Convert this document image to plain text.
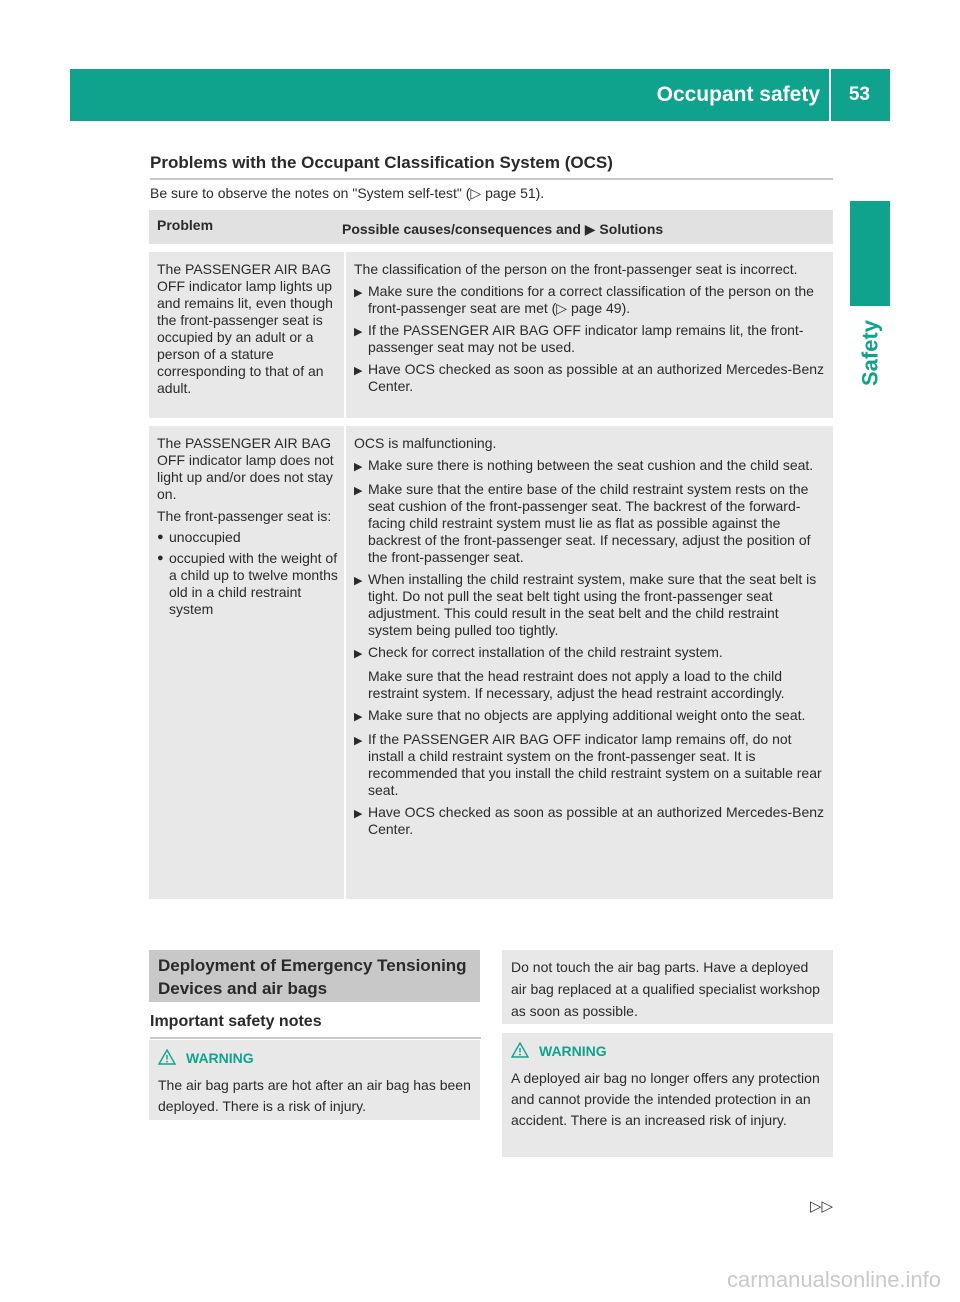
Occupant safety 53
Safety
Problems with the Occupant Classification System (OCS)
Be sure to observe the notes on "System self-test" (▷ page 51).
Problem	Possible causes/consequences and ▶ Solutions
The PASSENGER AIR BAG OFF indicator lamp lights up and remains lit, even though the front-passenger seat is occupied by an adult or a person of a stature corresponding to that of an adult.
The classification of the person on the front-passenger seat is incorrect.
▶ Make sure the conditions for a correct classification of the person on the front-passenger seat are met (▷ page 49).
▶ If the PASSENGER AIR BAG OFF indicator lamp remains lit, the front-passenger seat may not be used.
▶ Have OCS checked as soon as possible at an authorized Mercedes-Benz Center.
The PASSENGER AIR BAG OFF indicator lamp does not light up and/or does not stay on.
The front-passenger seat is:
● unoccupied
● occupied with the weight of a child up to twelve months old in a child restraint system
OCS is malfunctioning.
▶ Make sure there is nothing between the seat cushion and the child seat.
▶ Make sure that the entire base of the child restraint system rests on the seat cushion of the front-passenger seat. The backrest of the forward-facing child restraint system must lie as flat as possible against the backrest of the front-passenger seat. If necessary, adjust the position of the front-passenger seat.
▶ When installing the child restraint system, make sure that the seat belt is tight. Do not pull the seat belt tight using the front-passenger seat adjustment. This could result in the seat belt and the child restraint system being pulled too tightly.
▶ Check for correct installation of the child restraint system.
Make sure that the head restraint does not apply a load to the child restraint system. If necessary, adjust the head restraint accordingly.
▶ Make sure that no objects are applying additional weight onto the seat.
▶ If the PASSENGER AIR BAG OFF indicator lamp remains off, do not install a child restraint system on the front-passenger seat. It is recommended that you install the child restraint system on a suitable rear seat.
▶ Have OCS checked as soon as possible at an authorized Mercedes-Benz Center.
Deployment of Emergency Tensioning Devices and air bags
Important safety notes
WARNING
The air bag parts are hot after an air bag has been deployed. There is a risk of injury.
Do not touch the air bag parts. Have a deployed air bag replaced at a qualified specialist workshop as soon as possible.
WARNING
A deployed air bag no longer offers any protection and cannot provide the intended protection in an accident. There is an increased risk of injury.
▷▷
carmanualsonline.info
